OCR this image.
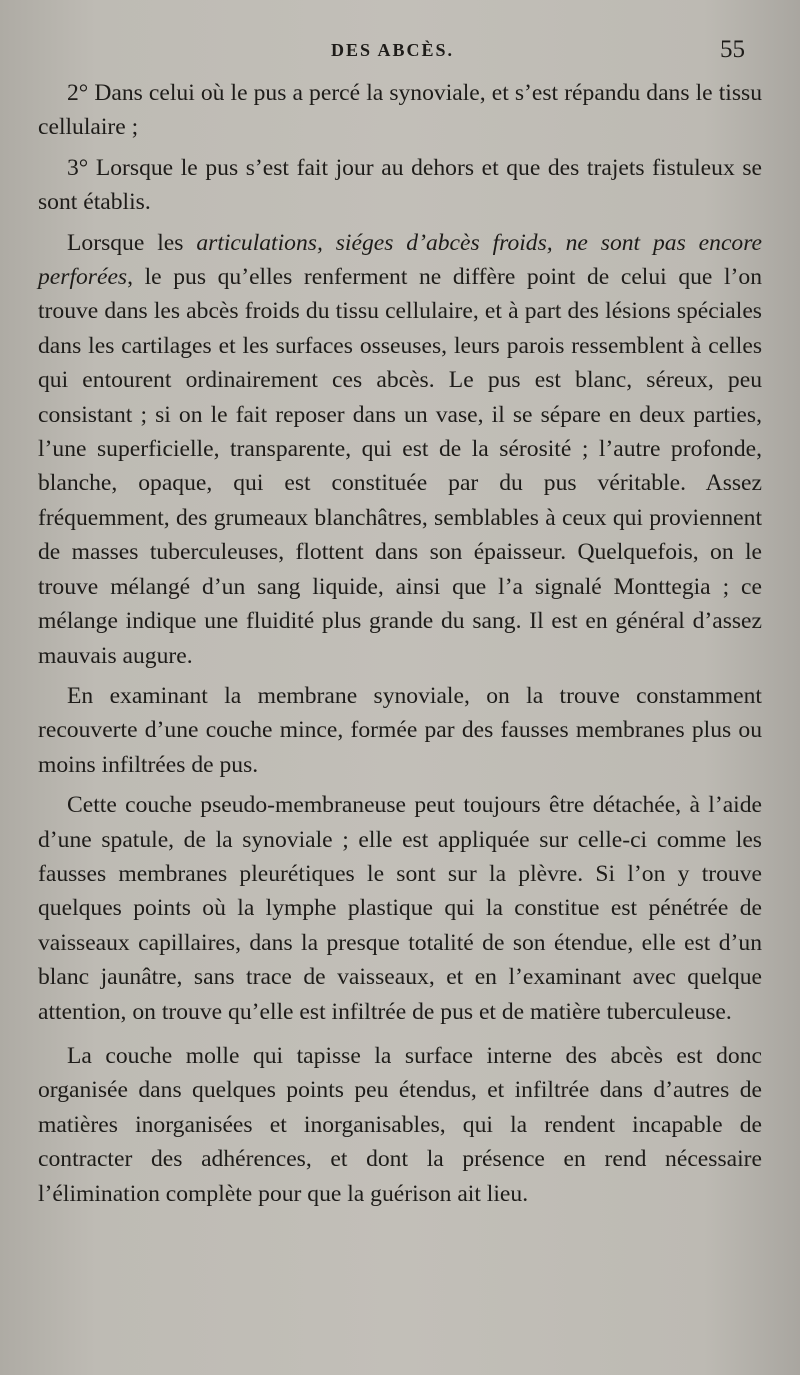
DES ABCÈS.	55

2° Dans celui où le pus a percé la synoviale, et s’est répandu dans le tissu cellulaire ;

3° Lorsque le pus s’est fait jour au dehors et que des trajets fistuleux se sont établis.

Lorsque les articulations, siéges d’abcès froids, ne sont pas encore perforées, le pus qu’elles renferment ne diffère point de celui que l’on trouve dans les abcès froids du tissu cellulaire, et à part des lésions spéciales dans les cartilages et les surfaces osseuses, leurs parois ressemblent à celles qui entourent ordinairement ces abcès. Le pus est blanc, séreux, peu consistant ; si on le fait reposer dans un vase, il se sépare en deux parties, l’une superficielle, transparente, qui est de la sérosité ; l’autre profonde, blanche, opaque, qui est constituée par du pus véritable. Assez fréquemment, des grumeaux blanchâtres, semblables à ceux qui proviennent de masses tuberculeuses, flottent dans son épaisseur. Quelquefois, on le trouve mélangé d’un sang liquide, ainsi que l’a signalé Monttegia ; ce mélange indique une fluidité plus grande du sang. Il est en général d’assez mauvais augure.

En examinant la membrane synoviale, on la trouve constamment recouverte d’une couche mince, formée par des fausses membranes plus ou moins infiltrées de pus.

Cette couche pseudo-membraneuse peut toujours être détachée, à l’aide d’une spatule, de la synoviale ; elle est appliquée sur celle-ci comme les fausses membranes pleurétiques le sont sur la plèvre. Si l’on y trouve quelques points où la lymphe plastique qui la constitue est pénétrée de vaisseaux capillaires, dans la presque totalité de son étendue, elle est d’un blanc jaunâtre, sans trace de vaisseaux, et en l’examinant avec quelque attention, on trouve qu’elle est infiltrée de pus et de matière tuberculeuse.

La couche molle qui tapisse la surface interne des abcès est donc organisée dans quelques points peu étendus, et infiltrée dans d’autres de matières inorganisées et inorganisables, qui la rendent incapable de contracter des adhérences, et dont la présence en rend nécessaire l’élimination complète pour que la guérison ait lieu.
